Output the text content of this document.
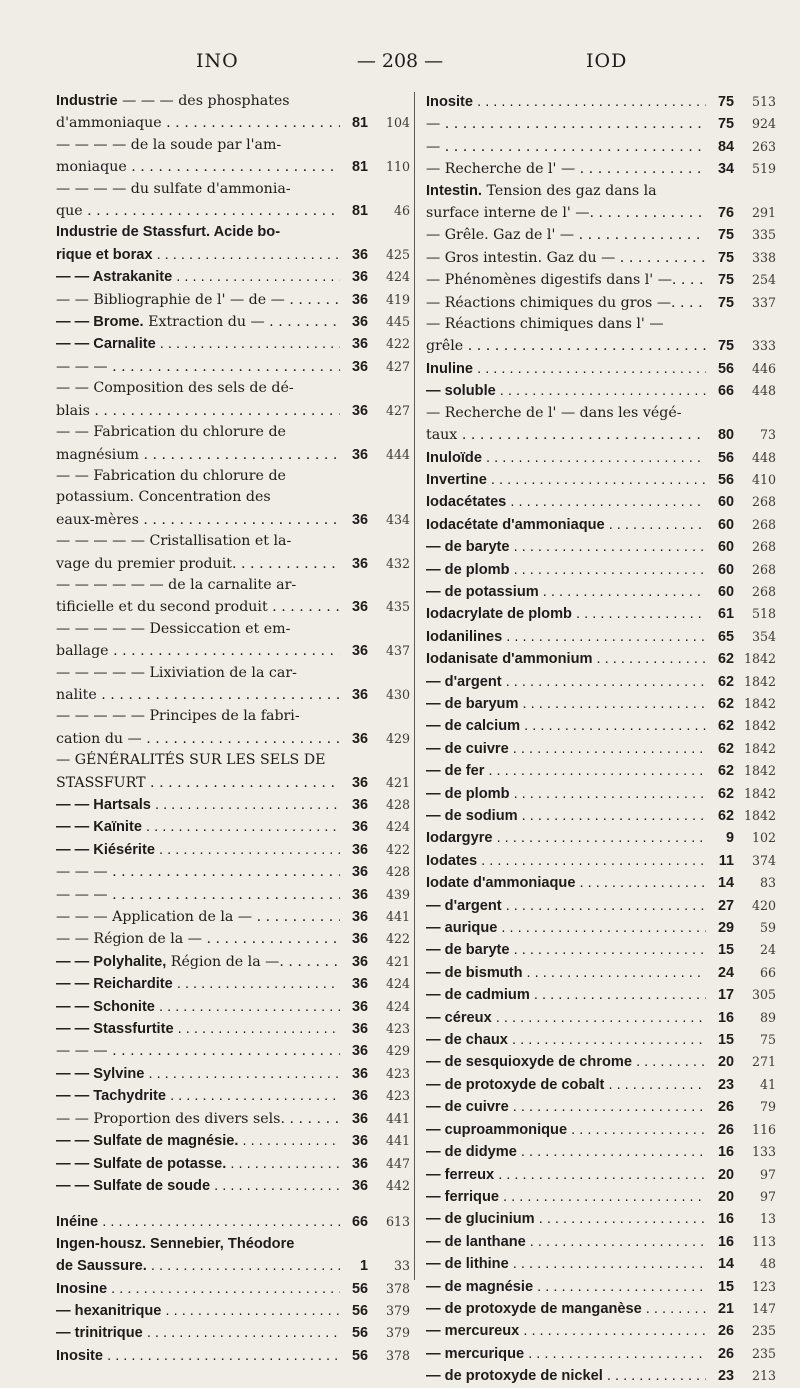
INO	— 208 —	IOD
Industrie — — — des phosphates
d'ammoniaque . . .	81	104
— — — — de la soude par l'am-
moniaque . . .	81	110
— — — — du sulfate d'ammonia-
que . . .	81	46
Industrie de Stassfurt. Acide bo-
rique et borax . . .	36	425
— — Astrakanite . . .	36	424
— — Bibliographie de l' — de — . . .	36	419
— — Brome. Extraction du — . . . .	36	445
— — Carnalite . . .	36	422
— — — . . .	36	427
— — Composition des sels de dé-
blais . . .	36	427
— — Fabrication du chlorure de
magnésium . . .	36	444
— — Fabrication du chlorure de
potassium. Concentration des
eaux-mères . . .	36	434
— — — — — Cristallisation et la-
vage du premier produit. . . .	36	432
— — — — — — de la carnalite ar-
tificielle et du second produit . . . .	36	435
— — — — — Dessiccation et em-
ballage . . .	36	437
— — — — — Lixiviation de la car-
nalite . . .	36	430
— — — — — Principes de la fabri-
cation du — . . .	36	429
— GÉNÉRALITÉS SUR LES SELS DE
STASSFURT . . .	36	421
— — Hartsals . . .	36	428
— — Kaïnite . . .	36	424
— — Kiésérite . . .	36	422
— — — . . .	36	428
— — — . . .	36	439
— — — Application de la — . . .	36	441
— — Région de la — . . .	36	422
— — Polyhalite, Région de la —. . . .	36	421
— — Reichardite . . .	36	424
— — Schonite . . .	36	424
— — Stassfurtite . . .	36	423
— — — . . .	36	429
— — Sylvine . . .	36	423
— — Tachydrite . . .	36	423
— — Proportion des divers sels. . . .	36	441
— — Sulfate de magnésie. . . .	36	441
— — Sulfate de potasse. . . .	36	447
— — Sulfate de soude . . .	36	442
Inéine . . .	66	613
Ingen-housz. Sennebier, Théodore
de Saussure. . . .	1	33
Inosine . . .	56	378
— hexanitrique . . .	56	379
— trinitrique . . .	56	379
Inosite . . .	56	378
Inosite . . .	75	513
— . . .	75	924
— . . .	84	263
— Recherche de l' — . . .	34	519
Intestin. Tension des gaz dans la
surface interne de l' —. . . .	76	291
— Grêle. Gaz de l' — . . .	75	335
— Gros intestin. Gaz du — . . .	75	338
— Phénomènes digestifs dans l' —. . . .	75	254
— Réactions chimiques du gros —. . . .	75	337
— Réactions chimiques dans l' —
grêle . . .	75	333
Inuline . . .	56	446
— soluble . . .	66	448
— Recherche de l' — dans les végé-
taux . . .	80	73
Inuloïde . . .	56	448
Invertine . . .	56	410
Iodacétates . . .	60	268
Iodacétate d'ammoniaque . . .	60	268
— de baryte . . .	60	268
— de plomb . . .	60	268
— de potassium . . .	60	268
Iodacrylate de plomb . . .	61	518
Iodanilines . . .	65	354
Iodanisate d'ammonium . . .	62 1842
— d'argent . . .	62 1842
— de baryum . . .	62 1842
— de calcium . . .	62 1842
— de cuivre . . .	62 1842
— de fer . . .	62 1842
— de plomb . . .	62 1842
— de sodium . . .	62 1842
Iodargyre . . .	9	102
Iodates . . .	11	374
Iodate d'ammoniaque . . .	14	83
— d'argent . . .	27	420
— aurique . . .	29	59
— de baryte . . .	15	24
— de bismuth . . .	24	66
— de cadmium . . .	17	305
— céreux . . .	16	89
— de chaux . . .	15	75
— de sesquioxyde de chrome . . .	20	271
— de protoxyde de cobalt . . .	23	41
— de cuivre . . .	26	79
— cuproammonique . . .	26	116
— de didyme . . .	16	133
— ferreux . . .	20	97
— ferrique . . .	20	97
— de glucinium . . .	16	13
— de lanthane . . .	16	113
— de lithine . . .	14	48
— de magnésie . . .	15	123
— de protoxyde de manganèse . . .	21	147
— mercureux . . .	26	235
— mercurique . . .	26	235
— de protoxyde de nickel . . .	23	213
